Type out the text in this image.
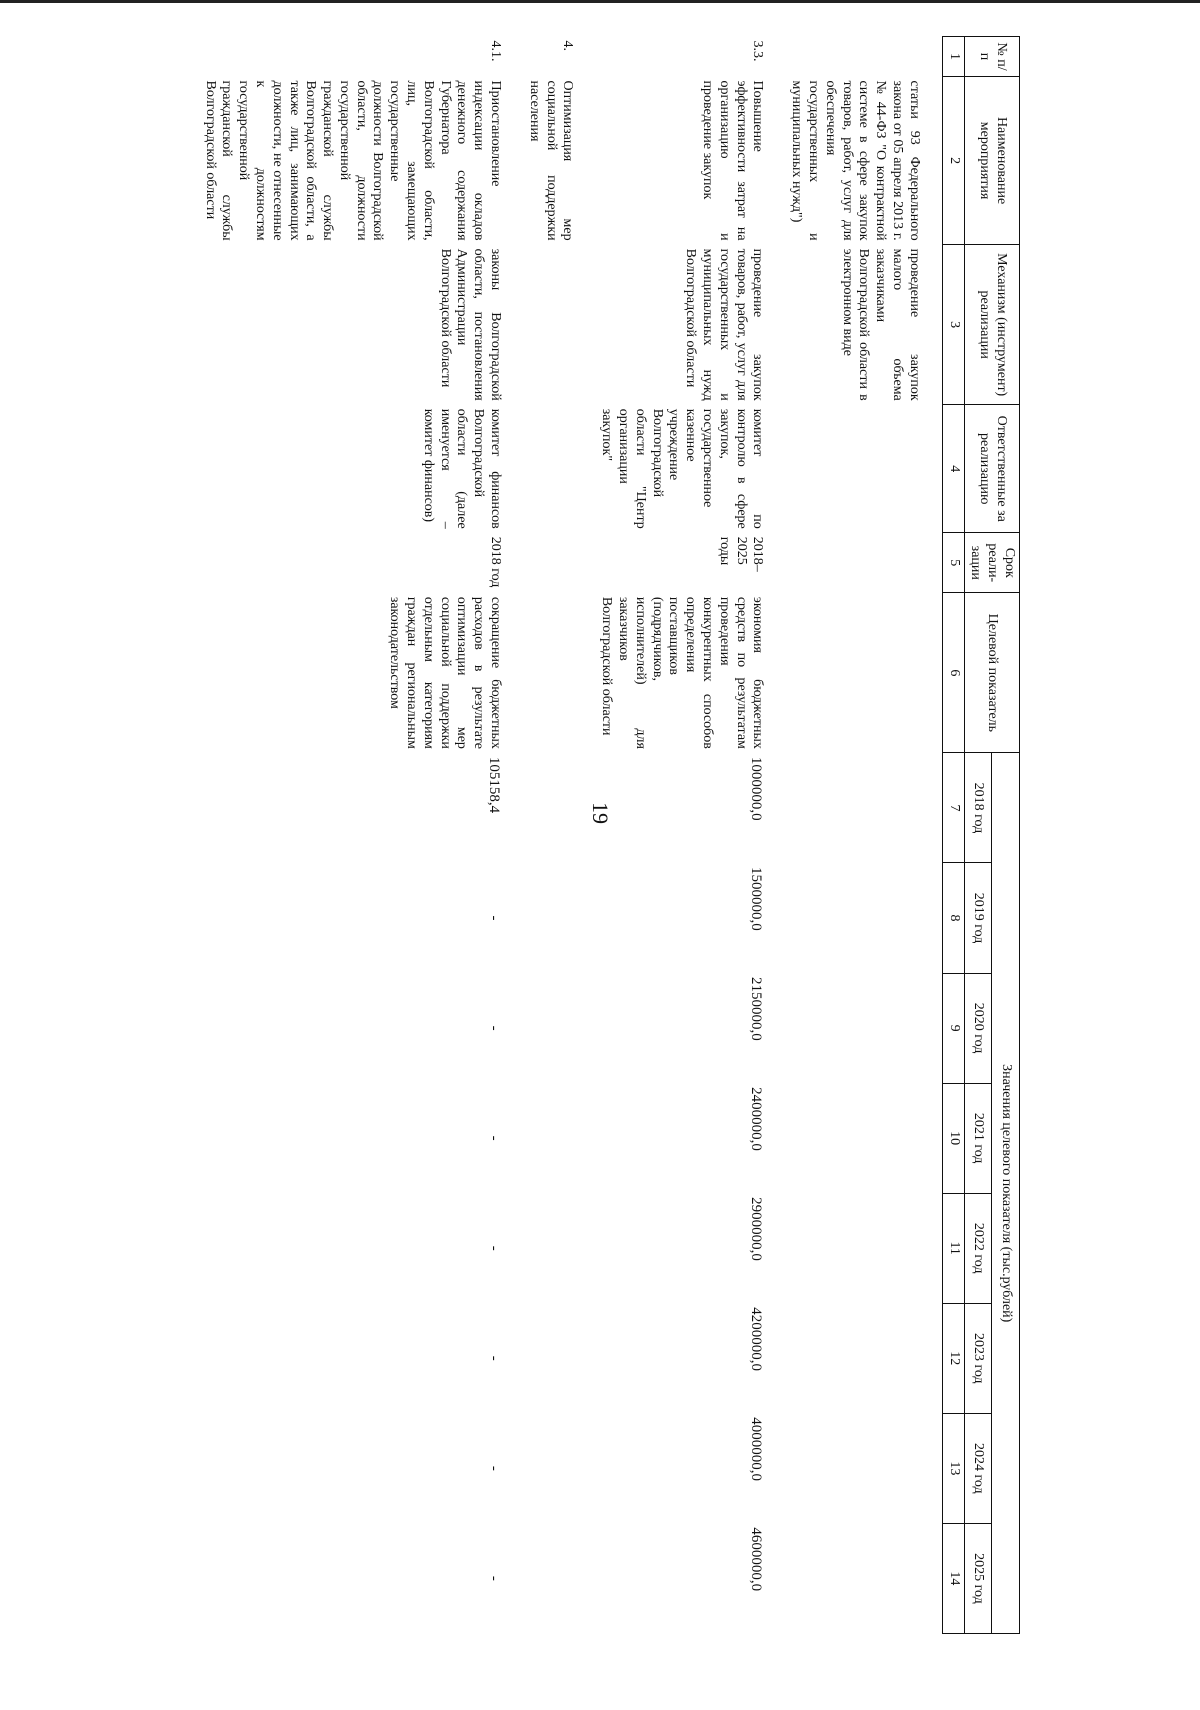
19
№ п/п	Наименование мероприятия	Механизм (инструмент) реализации	Ответственные за реализацию	Срок реали-зации	Целевой показатель	Значения целевого показателя (тыс.рублей)							
						2018 год	2019 год	2020 год	2021 год	2022 год	2023 год	2024 год	2025 год
1	2	3	4	5	6	7	8	9	10	11	12	13	14

	статьи 93 Федерального закона от 05 апреля 2013 г. № 44-ФЗ "О контрактной системе в сфере закупок товаров, работ, услуг для обеспечения государственных и муниципальных нужд")	проведение закупок малого объема заказчиками Волгоградской области в электронном виде											

3.3.	Повышение эффективности затрат на организацию и проведение закупок	проведение закупок товаров, работ, услуг для государственных и муниципальных нужд Волгоградской области	комитет по контролю в сфере закупок, государственное казенное учреждение Волгоградской области "Центр организации закупок"	2018–2025 годы	экономия бюджетных средств по результатам проведения конкурентных способов определения поставщиков (подрядчиков, исполнителей) для заказчиков Волгоградской области	1000000,0	1500000,0	2150000,0	2400000,0	2900000,0	4200000,0	4000000,0	4600000,0

4.	Оптимизация мер социальной поддержки населения												

4.1.	Приостановление индексации окладов денежного содержания Губернатора Волгоградской области, лиц, замещающих государственные должности Волгоградской области, должности государственной гражданской службы Волгоградской области, а также лиц, занимающих должности, не отнесенные к должностям государственной гражданской службы Волгоградской области	законы Волгоградской области, постановления Администрации Волгоградской области	комитет финансов Волгоградской области (далее именуется – комитет финансов)	2018 год	сокращение бюджетных расходов в результате оптимизации мер социальной поддержки отдельным категориям граждан региональным законодательством	105158,4	-	-	-	-	-	-	-
